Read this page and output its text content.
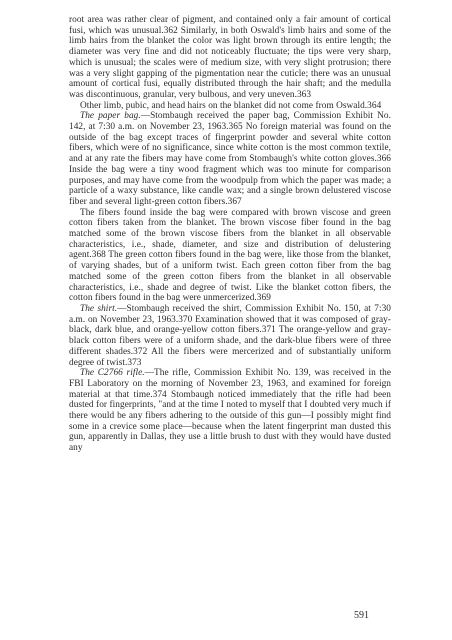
root area was rather clear of pigment, and contained only a fair amount of cortical fusi, which was unusual.362 Similarly, in both Oswald's limb hairs and some of the limb hairs from the blanket the color was light brown through its entire length; the diameter was very fine and did not noticeably fluctuate; the tips were very sharp, which is unusual; the scales were of medium size, with very slight protrusion; there was a very slight gapping of the pigmentation near the cuticle; there was an unusual amount of cortical fusi, equally distributed through the hair shaft; and the medulla was discontinuous, granular, very bulbous, and very uneven.363

Other limb, pubic, and head hairs on the blanket did not come from Oswald.364

The paper bag.—Stombaugh received the paper bag, Commission Exhibit No. 142, at 7:30 a.m. on November 23, 1963.365 No foreign material was found on the outside of the bag except traces of fingerprint powder and several white cotton fibers, which were of no significance, since white cotton is the most common textile, and at any rate the fibers may have come from Stombaugh's white cotton gloves.366 Inside the bag were a tiny wood fragment which was too minute for comparison purposes, and may have come from the woodpulp from which the paper was made; a particle of a waxy substance, like candle wax; and a single brown delustered viscose fiber and several light-green cotton fibers.367

The fibers found inside the bag were compared with brown viscose and green cotton fibers taken from the blanket. The brown viscose fiber found in the bag matched some of the brown viscose fibers from the blanket in all observable characteristics, i.e., shade, diameter, and size and distribution of delustering agent.368 The green cotton fibers found in the bag were, like those from the blanket, of varying shades, but of a uniform twist. Each green cotton fiber from the bag matched some of the green cotton fibers from the blanket in all observable characteristics, i.e., shade and degree of twist. Like the blanket cotton fibers, the cotton fibers found in the bag were unmercerized.369

The shirt.—Stombaugh received the shirt, Commission Exhibit No. 150, at 7:30 a.m. on November 23, 1963.370 Examination showed that it was composed of gray-black, dark blue, and orange-yellow cotton fibers.371 The orange-yellow and gray-black cotton fibers were of a uniform shade, and the dark-blue fibers were of three different shades.372 All the fibers were mercerized and of substantially uniform degree of twist.373

The C2766 rifle.—The rifle, Commission Exhibit No. 139, was received in the FBI Laboratory on the morning of November 23, 1963, and examined for foreign material at that time.374 Stombaugh noticed immediately that the rifle had been dusted for fingerprints, "and at the time I noted to myself that I doubted very much if there would be any fibers adhering to the outside of this gun—I possibly might find some in a crevice some place—because when the latent fingerprint man dusted this gun, apparently in Dallas, they use a little brush to dust with they would have dusted any

591
